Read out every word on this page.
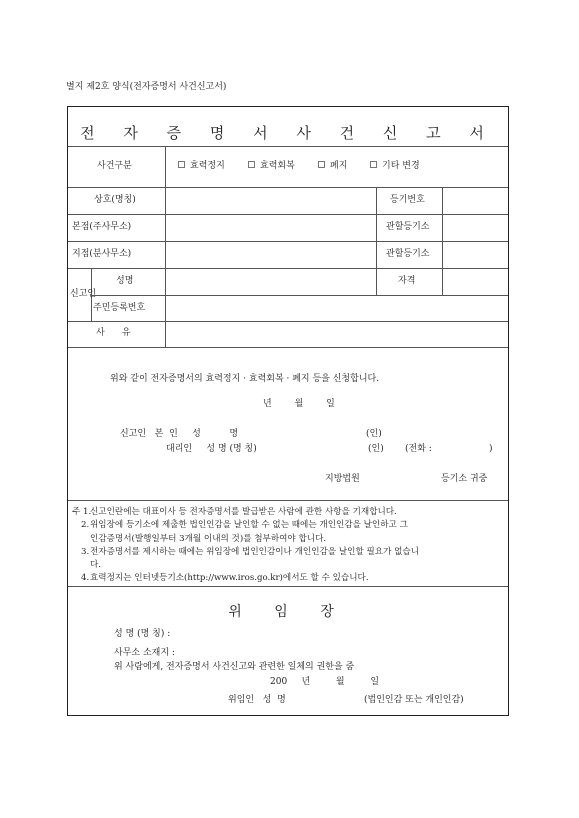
별지 제2호 양식(전자증명서 사건신고서)
전 자 증 명 서 사 건 신 고 서
사건구분	효력정지	효력회복	폐지	기타 변경
상호(명칭)	등기번호
본점(주사무소)	관할등기소
지점(분사무소)	관할등기소
신고인
성명	자격
주민등록번호
사      유
위와 같이 전자증명서의 효력정지 · 효력회복 · 폐지 등을 신청합니다.
년        월        일
신고인   본  인     성          명	(인)
대리인     성 명 (명 칭)	(인) (전화 :                    )
지방법원	등기소 귀중
주 1.
신고인란에는 대표이사 등 전자증명서를 발급받은 사람에 관한 사항을 기재합니다.
2. 위임장에 등기소에 제출한 법인인감을 날인할 수 없는 때에는 개인인감을 날인하고 그
인감증명서(발행일부터 3개월 이내의 것)를 첨부하여야 합니다.
3. 전자증명서를 제시하는 때에는 위임장에 법인인감이나 개인인감을 날인할 필요가 없습니
다.
4. 효력정지는 인터넷등기소(http://www.iros.go.kr)에서도 할 수 있습니다.
위 임 장
성 명 (명 칭) :
사무소 소재지 :
위 사람에게, 전자증명서 사건신고와 관련한 일체의 권한을 줌
200     년         월         일
위임인   성  명	(법인인감 또는 개인인감)
